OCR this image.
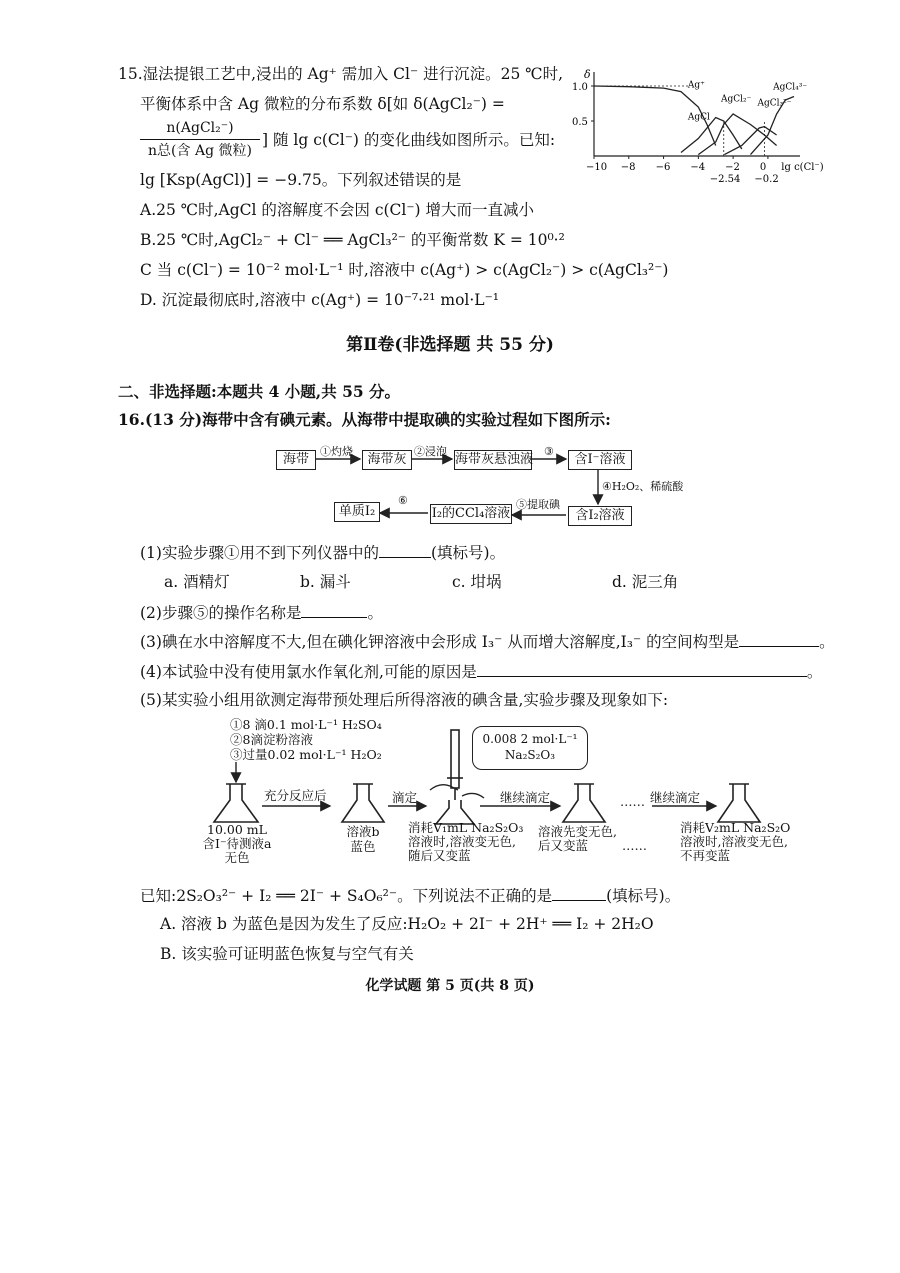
15.湿法提银工艺中,浸出的 Ag⁺ 需加入 Cl⁻ 进行沉淀。25 ℃时,
平衡体系中含 Ag 微粒的分布系数 δ[如 δ(AgCl₂⁻) =
n(AgCl₂⁻)
n总(含 Ag 微粒)
] 随 lg c(Cl⁻) 的变化曲线如图所示。已知:
lg [Ksp(AgCl)] = −9.75。下列叙述错误的是
A.25 ℃时,AgCl 的溶解度不会因 c(Cl⁻) 增大而一直减小
B.25 ℃时,AgCl₂⁻ + Cl⁻ ══ AgCl₃²⁻ 的平衡常数 K = 10⁰·²
C 当 c(Cl⁻) = 10⁻² mol·L⁻¹ 时,溶液中 c(Ag⁺) > c(AgCl₂⁻) > c(AgCl₃²⁻)
D. 沉淀最彻底时,溶液中 c(Ag⁺) = 10⁻⁷·²¹ mol·L⁻¹
δ
1.0
0.5
−10 −8 −6 −4 −2 0 lg c(Cl⁻)
−2.54 −0.2
Ag⁺
AgCl
AgCl₂⁻ AgCl₃²⁻
AgCl₄³⁻
第Ⅱ卷(非选择题 共 55 分)
二、非选择题:本题共 4 小题,共 55 分。
16.(13 分)海带中含有碘元素。从海带中提取碘的实验过程如下图所示:
海带	海带灰	海带灰悬浊液	含I⁻溶液
含I₂溶液
I₂的CCl₄溶液
单质I₂
①灼烧	②浸泡	③
④H₂O₂、稀硫酸
⑤提取碘
⑥
(1)实验步骤①用不到下列仪器中的	(填标号)。
a. 酒精灯	b. 漏斗	c. 坩埚	d. 泥三角
(2)步骤⑤的操作名称是	。
(3)碘在水中溶解度不大,但在碘化钾溶液中会形成 I₃⁻ 从而增大溶解度,I₃⁻ 的空间构型是	。
(4)本试验中没有使用氯水作氧化剂,可能的原因是	。
(5)某实验小组用欲测定海带预处理后所得溶液的碘含量,实验步骤及现象如下:
①8 滴0.1 mol·L⁻¹ H₂SO₄
②8滴淀粉溶液
③过量0.02 mol·L⁻¹ H₂O₂
0.008 2 mol·L⁻¹
Na₂S₂O₃
充分反应后	滴定	继续滴定	…… 继续滴定
10.00 mL
含I⁻待测液a
无色
溶液b
蓝色
消耗V₁mL Na₂S₂O₃
溶液时,溶液变无色,
随后又变蓝
溶液先变无色,
后又变蓝	……
消耗V₂mL Na₂S₂O
溶液时,溶液变无色,
不再变蓝
已知:2S₂O₃²⁻ + I₂ ══ 2I⁻ + S₄O₆²⁻。下列说法不正确的是	(填标号)。
A. 溶液 b 为蓝色是因为发生了反应:H₂O₂ + 2I⁻ + 2H⁺ ══ I₂ + 2H₂O
B. 该实验可证明蓝色恢复与空气有关
化学试题 第 5 页(共 8 页)
